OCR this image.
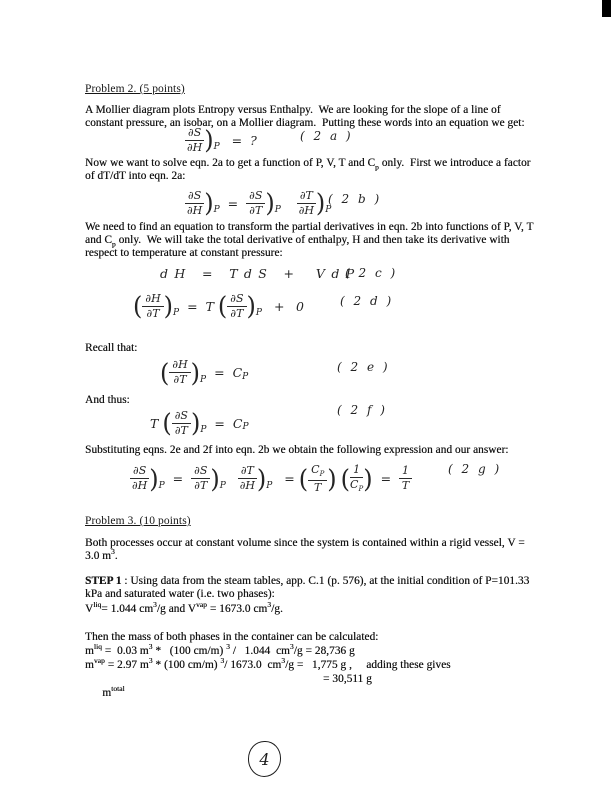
Problem 2. (5 points)
A Mollier diagram plots Entropy versus Enthalpy.  We are looking for the slope of a line of constant pressure, an isobar, on a Mollier diagram.  Putting these words into an equation we get:
$\frac{\partial S}{\partial H}$ ) P = ?	( 2 a )
Now we want to solve eqn. 2a to get a function of P, V, T and $C_p$ only.  First we introduce a factor of dT/dT into eqn. 2a:
$\frac{\partial S}{\partial H}$ ) $P = \frac{\partial S}{\partial T}$ ) P $\frac{\partial T}{\partial H}$ ) P
( 2 b )
We need to find an equation to transform the partial derivatives in eqn. 2b into functions of P, V, T and $C_p$ only.  We will take the total derivative of enthalpy, H and then take its derivative with respect to temperature at constant pressure:
d H   =   T d S   +    V d P
( 2 c )
( $\frac{\partial H}{\partial T}$ ) P = T ( $\frac{\partial S}{\partial T}$ ) P +  0	( 2 d )
Recall that:
( $\frac{\partial H}{\partial T}$ ) P = C P
( 2 e )
And thus:
T ( $\frac{\partial S}{\partial T}$ ) P = C P
( 2 f )
Substituting eqns. 2e and 2f into eqn. 2b we obtain the following expression and our answer:
$\frac{\partial S}{\partial H}$ ) $P = \frac{\partial S}{\partial T}$ ) P $\frac{\partial T}{\partial H}$ ) P = ( $\frac{C_P}{T}$ ) ( $\frac{1}{C_P}$ ) = $\frac{1}{T}$	( 2 g )
Problem 3. (10 points)
Both processes occur at constant volume since the system is contained within a rigid vessel, V = 3.0 $m^3$.
STEP 1 : Using data from the steam tables, app. C.1 (p. 576), at the initial condition of P=101.33 kPa and saturated water (i.e. two phases):
$V^{liq}= 1.044$ $cm^3/g$ and $V^{vap} = 1673.0$ $cm^3/g$.
Then the mass of both phases in the container can be calculated:
$m^{liq} = 0.03$ $m^3 * (100$ cm/m) $^3$ /   1.044  $cm^3/g = 28,736$ g
$m^{vap} = 2.97$ $m^3 * (100$ cm/m) $^3$/ 1673.0  $cm^3/g = 1,775$ g ,     adding these gives

$m^{total}$

= 30,511 g

4
